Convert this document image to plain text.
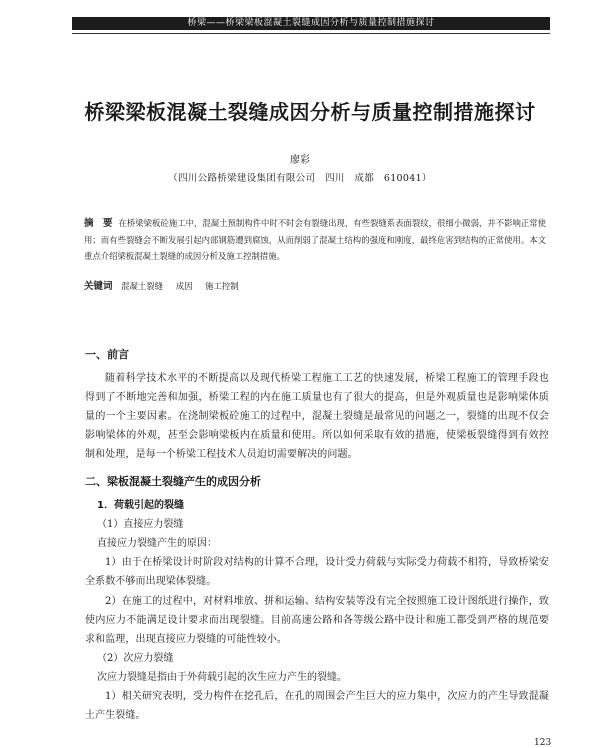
桥梁——桥梁梁板混凝土裂缝成因分析与质量控制措施探讨
桥梁梁板混凝土裂缝成因分析与质量控制措施探讨
廖彩
（四川公路桥梁建设集团有限公司　四川　成都　610041）
摘　要 在桥梁梁板砼施工中，混凝土预制构件中时不时会有裂缝出现，有些裂缝系表面裂纹，很细小微弱，并不影响正常使用；而有些裂缝会不断发展引起内部钢筋遭到腐蚀，从而削弱了混凝土结构的强度和刚度，最终危害到结构的正常使用。本文重点介绍梁板混凝土裂缝的成因分析及施工控制措施。
关键词 混凝土裂缝 成因 施工控制
一、前言

随着科学技术水平的不断提高以及现代桥梁工程施工工艺的快速发展，桥梁工程施工的管理手段也得到了不断地完善和加强，桥梁工程的内在施工质量也有了很大的提高，但是外观质量也是影响梁体质量的一个主要因素。在浇制梁板砼施工的过程中，混凝土裂缝是最常见的问题之一，裂缝的出现不仅会影响梁体的外观，甚至会影响梁板内在质量和使用。所以如何采取有效的措施，使梁板裂缝得到有效控制和处理，是每一个桥梁工程技术人员迫切需要解决的问题。

二、梁板混凝土裂缝产生的成因分析
1．荷载引起的裂缝
（1）直接应力裂缝
直接应力裂缝产生的原因：

1）由于在桥梁设计时阶段对结构的计算不合理，设计受力荷载与实际受力荷载不相符，导致桥梁安全系数不够而出现梁体裂缝。

2）在施工的过程中，对材料堆放、拼和运输、结构安装等没有完全按照施工设计图纸进行操作，致使内应力不能满足设计要求而出现裂缝。目前高速公路和各等级公路中设计和施工都受到严格的规范要求和监理，出现直接应力裂缝的可能性较小。

（2）次应力裂缝
次应力裂缝是指由于外荷载引起的次生应力产生的裂缝。

1）相关研究表明，受力构件在挖孔后，在孔的周围会产生巨大的应力集中，次应力的产生导致混凝土产生裂缝。

123
